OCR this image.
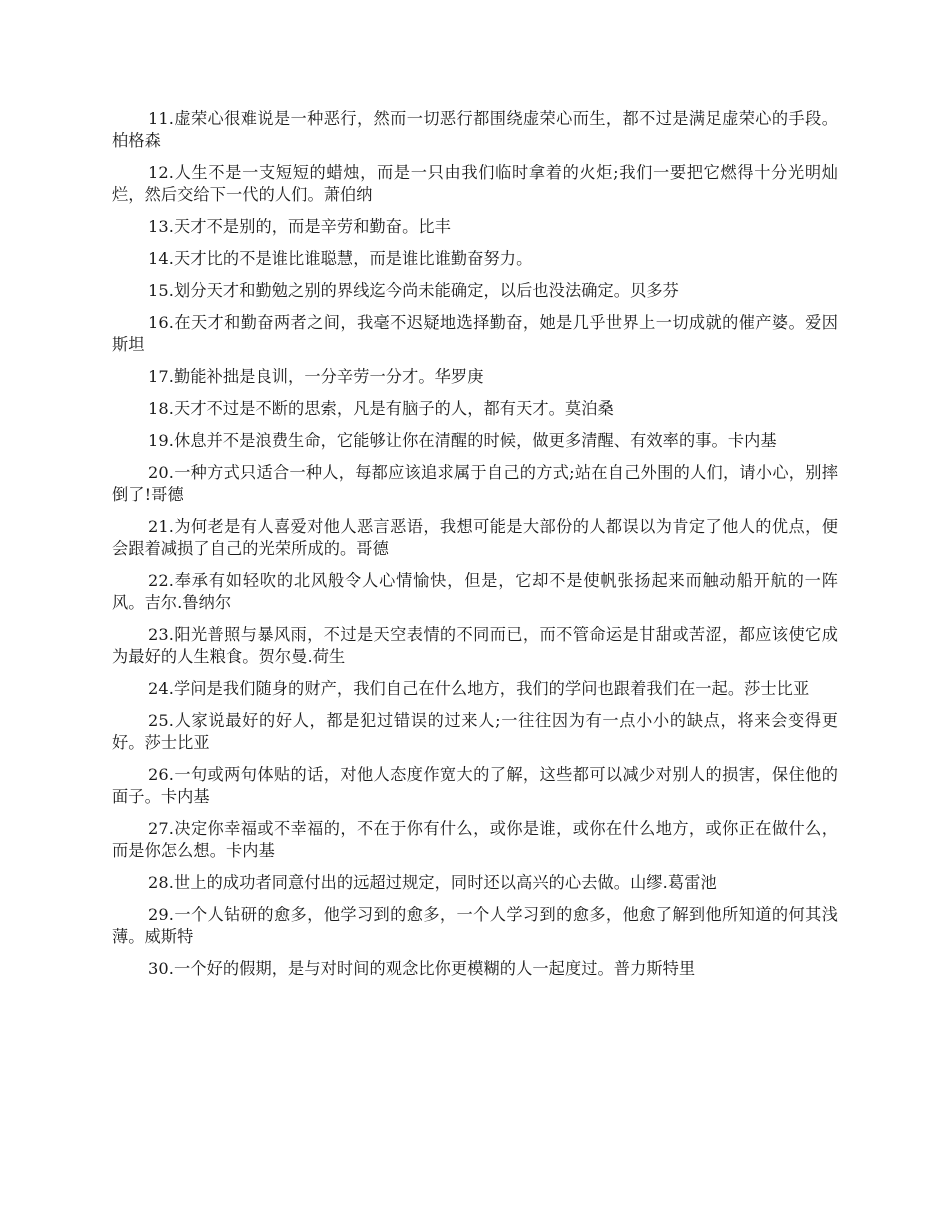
11.虚荣心很难说是一种恶行，然而一切恶行都围绕虚荣心而生，都不过是满足虚荣心的手段。柏格森

12.人生不是一支短短的蜡烛，而是一只由我们临时拿着的火炬;我们一要把它燃得十分光明灿烂，然后交给下一代的人们。萧伯纳

13.天才不是别的，而是辛劳和勤奋。比丰

14.天才比的不是谁比谁聪慧，而是谁比谁勤奋努力。

15.划分天才和勤勉之别的界线迄今尚未能确定，以后也没法确定。贝多芬

16.在天才和勤奋两者之间，我毫不迟疑地选择勤奋，她是几乎世界上一切成就的催产婆。爱因斯坦

17.勤能补拙是良训，一分辛劳一分才。华罗庚

18.天才不过是不断的思索，凡是有脑子的人，都有天才。莫泊桑

19.休息并不是浪费生命，它能够让你在清醒的时候，做更多清醒、有效率的事。卡内基

20.一种方式只适合一种人，每都应该追求属于自己的方式;站在自己外围的人们，请小心，别摔倒了!哥德

21.为何老是有人喜爱对他人恶言恶语，我想可能是大部份的人都误以为肯定了他人的优点，便会跟着减损了自己的光荣所成的。哥德

22.奉承有如轻吹的北风般令人心情愉快，但是，它却不是使帆张扬起来而触动船开航的一阵风。吉尔.鲁纳尔

23.阳光普照与暴风雨，不过是天空表情的不同而已，而不管命运是甘甜或苦涩，都应该使它成为最好的人生粮食。贺尔曼.荷生

24.学问是我们随身的财产，我们自己在什么地方，我们的学问也跟着我们在一起。莎士比亚

25.人家说最好的好人，都是犯过错误的过来人;一往往因为有一点小小的缺点，将来会变得更好。莎士比亚

26.一句或两句体贴的话，对他人态度作宽大的了解，这些都可以减少对别人的损害，保住他的面子。卡内基

27.决定你幸福或不幸福的，不在于你有什么，或你是谁，或你在什么地方，或你正在做什么，而是你怎么想。卡内基

28.世上的成功者同意付出的远超过规定，同时还以高兴的心去做。山缪.葛雷池

29.一个人钻研的愈多，他学习到的愈多，一个人学习到的愈多，他愈了解到他所知道的何其浅薄。威斯特

30.一个好的假期，是与对时间的观念比你更模糊的人一起度过。普力斯特里
